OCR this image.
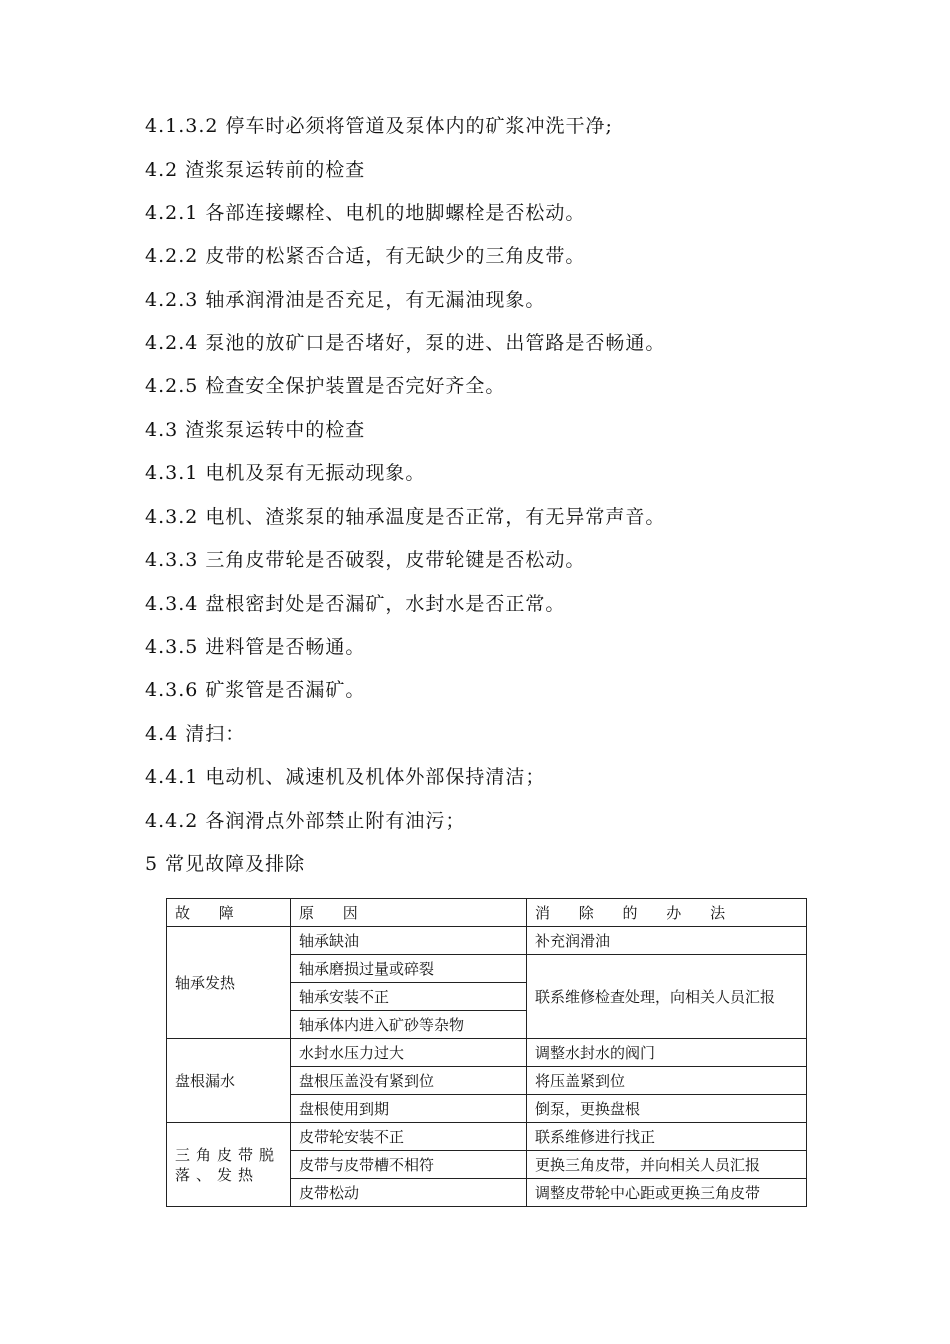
4.1.3.2 停车时必须将管道及泵体内的矿浆冲洗干净;
4.2 渣浆泵运转前的检查
4.2.1 各部连接螺栓、电机的地脚螺栓是否松动。
4.2.2 皮带的松紧否合适，有无缺少的三角皮带。
4.2.3 轴承润滑油是否充足，有无漏油现象。
4.2.4 泵池的放矿口是否堵好，泵的进、出管路是否畅通。
4.2.5 检查安全保护装置是否完好齐全。
4.3 渣浆泵运转中的检查
4.3.1 电机及泵有无振动现象。
4.3.2 电机、渣浆泵的轴承温度是否正常，有无异常声音。
4.3.3 三角皮带轮是否破裂，皮带轮键是否松动。
4.3.4 盘根密封处是否漏矿，水封水是否正常。
4.3.5 进料管是否畅通。
4.3.6 矿浆管是否漏矿。
4.4 清扫：
4.4.1 电动机、减速机及机体外部保持清洁；
4.4.2 各润滑点外部禁止附有油污；
5 常见故障及排除
故 障	原 因	消 除 的 办 法
轴承发热	轴承缺油	补充润滑油
	轴承磨损过量或碎裂	联系维修检查处理，向相关人员汇报
	轴承安装不正	
	轴承体内进入矿砂等杂物	
盘根漏水	水封水压力过大	调整水封水的阀门
	盘根压盖没有紧到位	将压盖紧到位
	盘根使用到期	倒泵，更换盘根
三角皮带脱落、发热	皮带轮安装不正	联系维修进行找正
	皮带与皮带槽不相符	更换三角皮带，并向相关人员汇报
	皮带松动	调整皮带轮中心距或更换三角皮带
